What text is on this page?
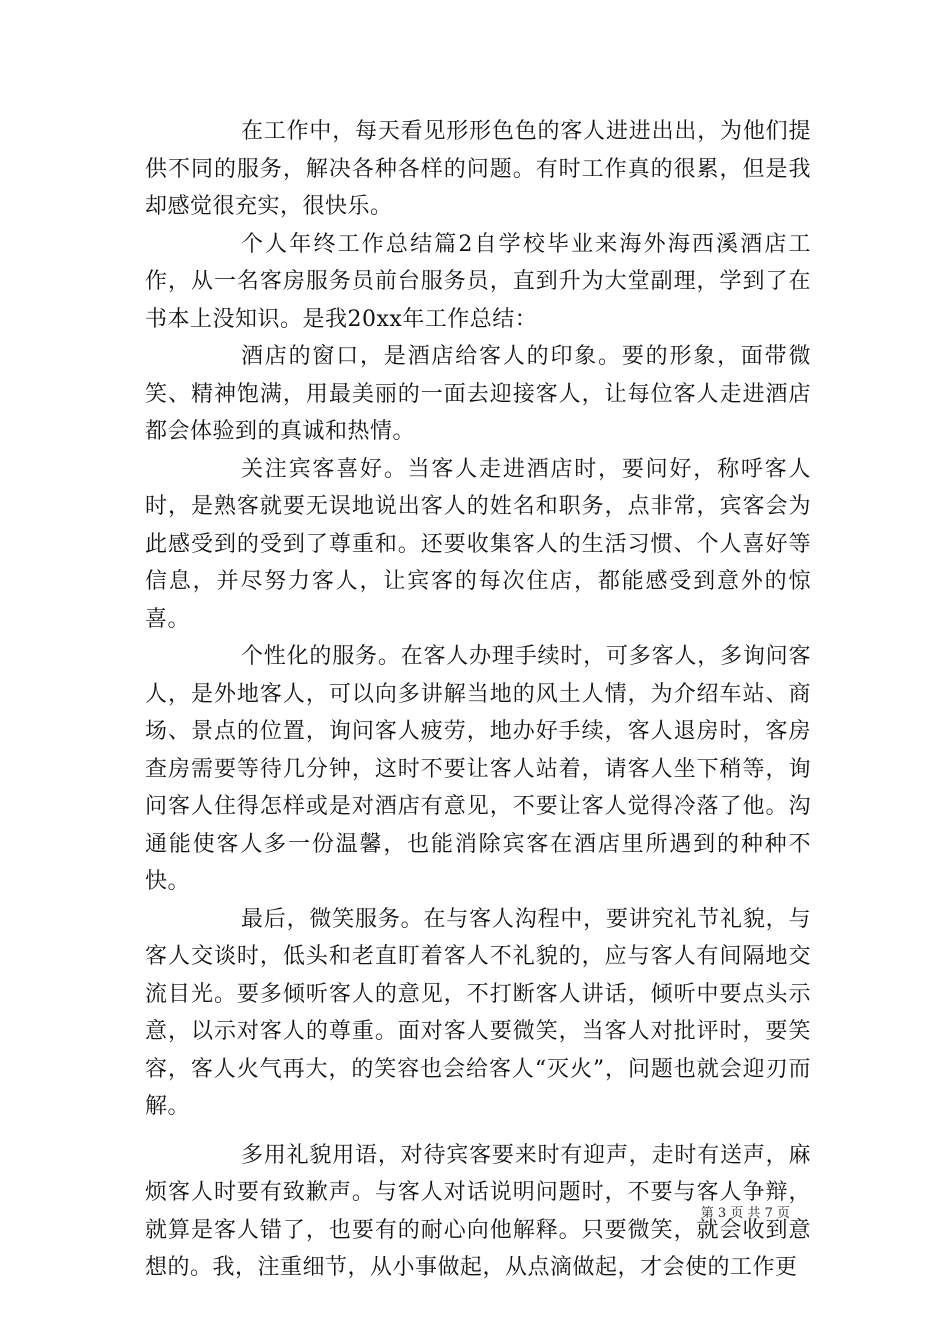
在工作中，每天看见形形色色的客人进进出出，为他们提供不同的服务，解决各种各样的问题。有时工作真的很累，但是我却感觉很充实，很快乐。

个人年终工作总结篇2自学校毕业来海外海西溪酒店工作，从一名客房服务员前台服务员，直到升为大堂副理，学到了在书本上没知识。是我20xx年工作总结：

酒店的窗口，是酒店给客人的印象。要的形象，面带微笑、精神饱满，用最美丽的一面去迎接客人，让每位客人走进酒店都会体验到的真诚和热情。

关注宾客喜好。当客人走进酒店时，要问好，称呼客人时，是熟客就要无误地说出客人的姓名和职务，点非常，宾客会为此感受到的受到了尊重和。还要收集客人的生活习惯、个人喜好等信息，并尽努力客人，让宾客的每次住店，都能感受到意外的惊喜。

个性化的服务。在客人办理手续时，可多客人，多询问客人，是外地客人，可以向多讲解当地的风土人情，为介绍车站、商场、景点的位置，询问客人疲劳，地办好手续，客人退房时，客房查房需要等待几分钟，这时不要让客人站着，请客人坐下稍等，询问客人住得怎样或是对酒店有意见，不要让客人觉得冷落了他。沟通能使客人多一份温馨，也能消除宾客在酒店里所遇到的种种不快。

最后，微笑服务。在与客人沟程中，要讲究礼节礼貌，与客人交谈时，低头和老直盯着客人不礼貌的，应与客人有间隔地交流目光。要多倾听客人的意见，不打断客人讲话，倾听中要点头示意，以示对客人的尊重。面对客人要微笑，当客人对批评时，要笑容，客人火气再大，的笑容也会给客人“灭火”，问题也就会迎刃而解。

多用礼貌用语，对待宾客要来时有迎声，走时有送声，麻烦客人时要有致歉声。与客人对话说明问题时，不要与客人争辩，就算是客人错了，也要有的耐心向他解释。只要微笑，就会收到意想的。我，注重细节，从小事做起，从点滴做起，才会使的工作更

第 3 页 共 7 页
